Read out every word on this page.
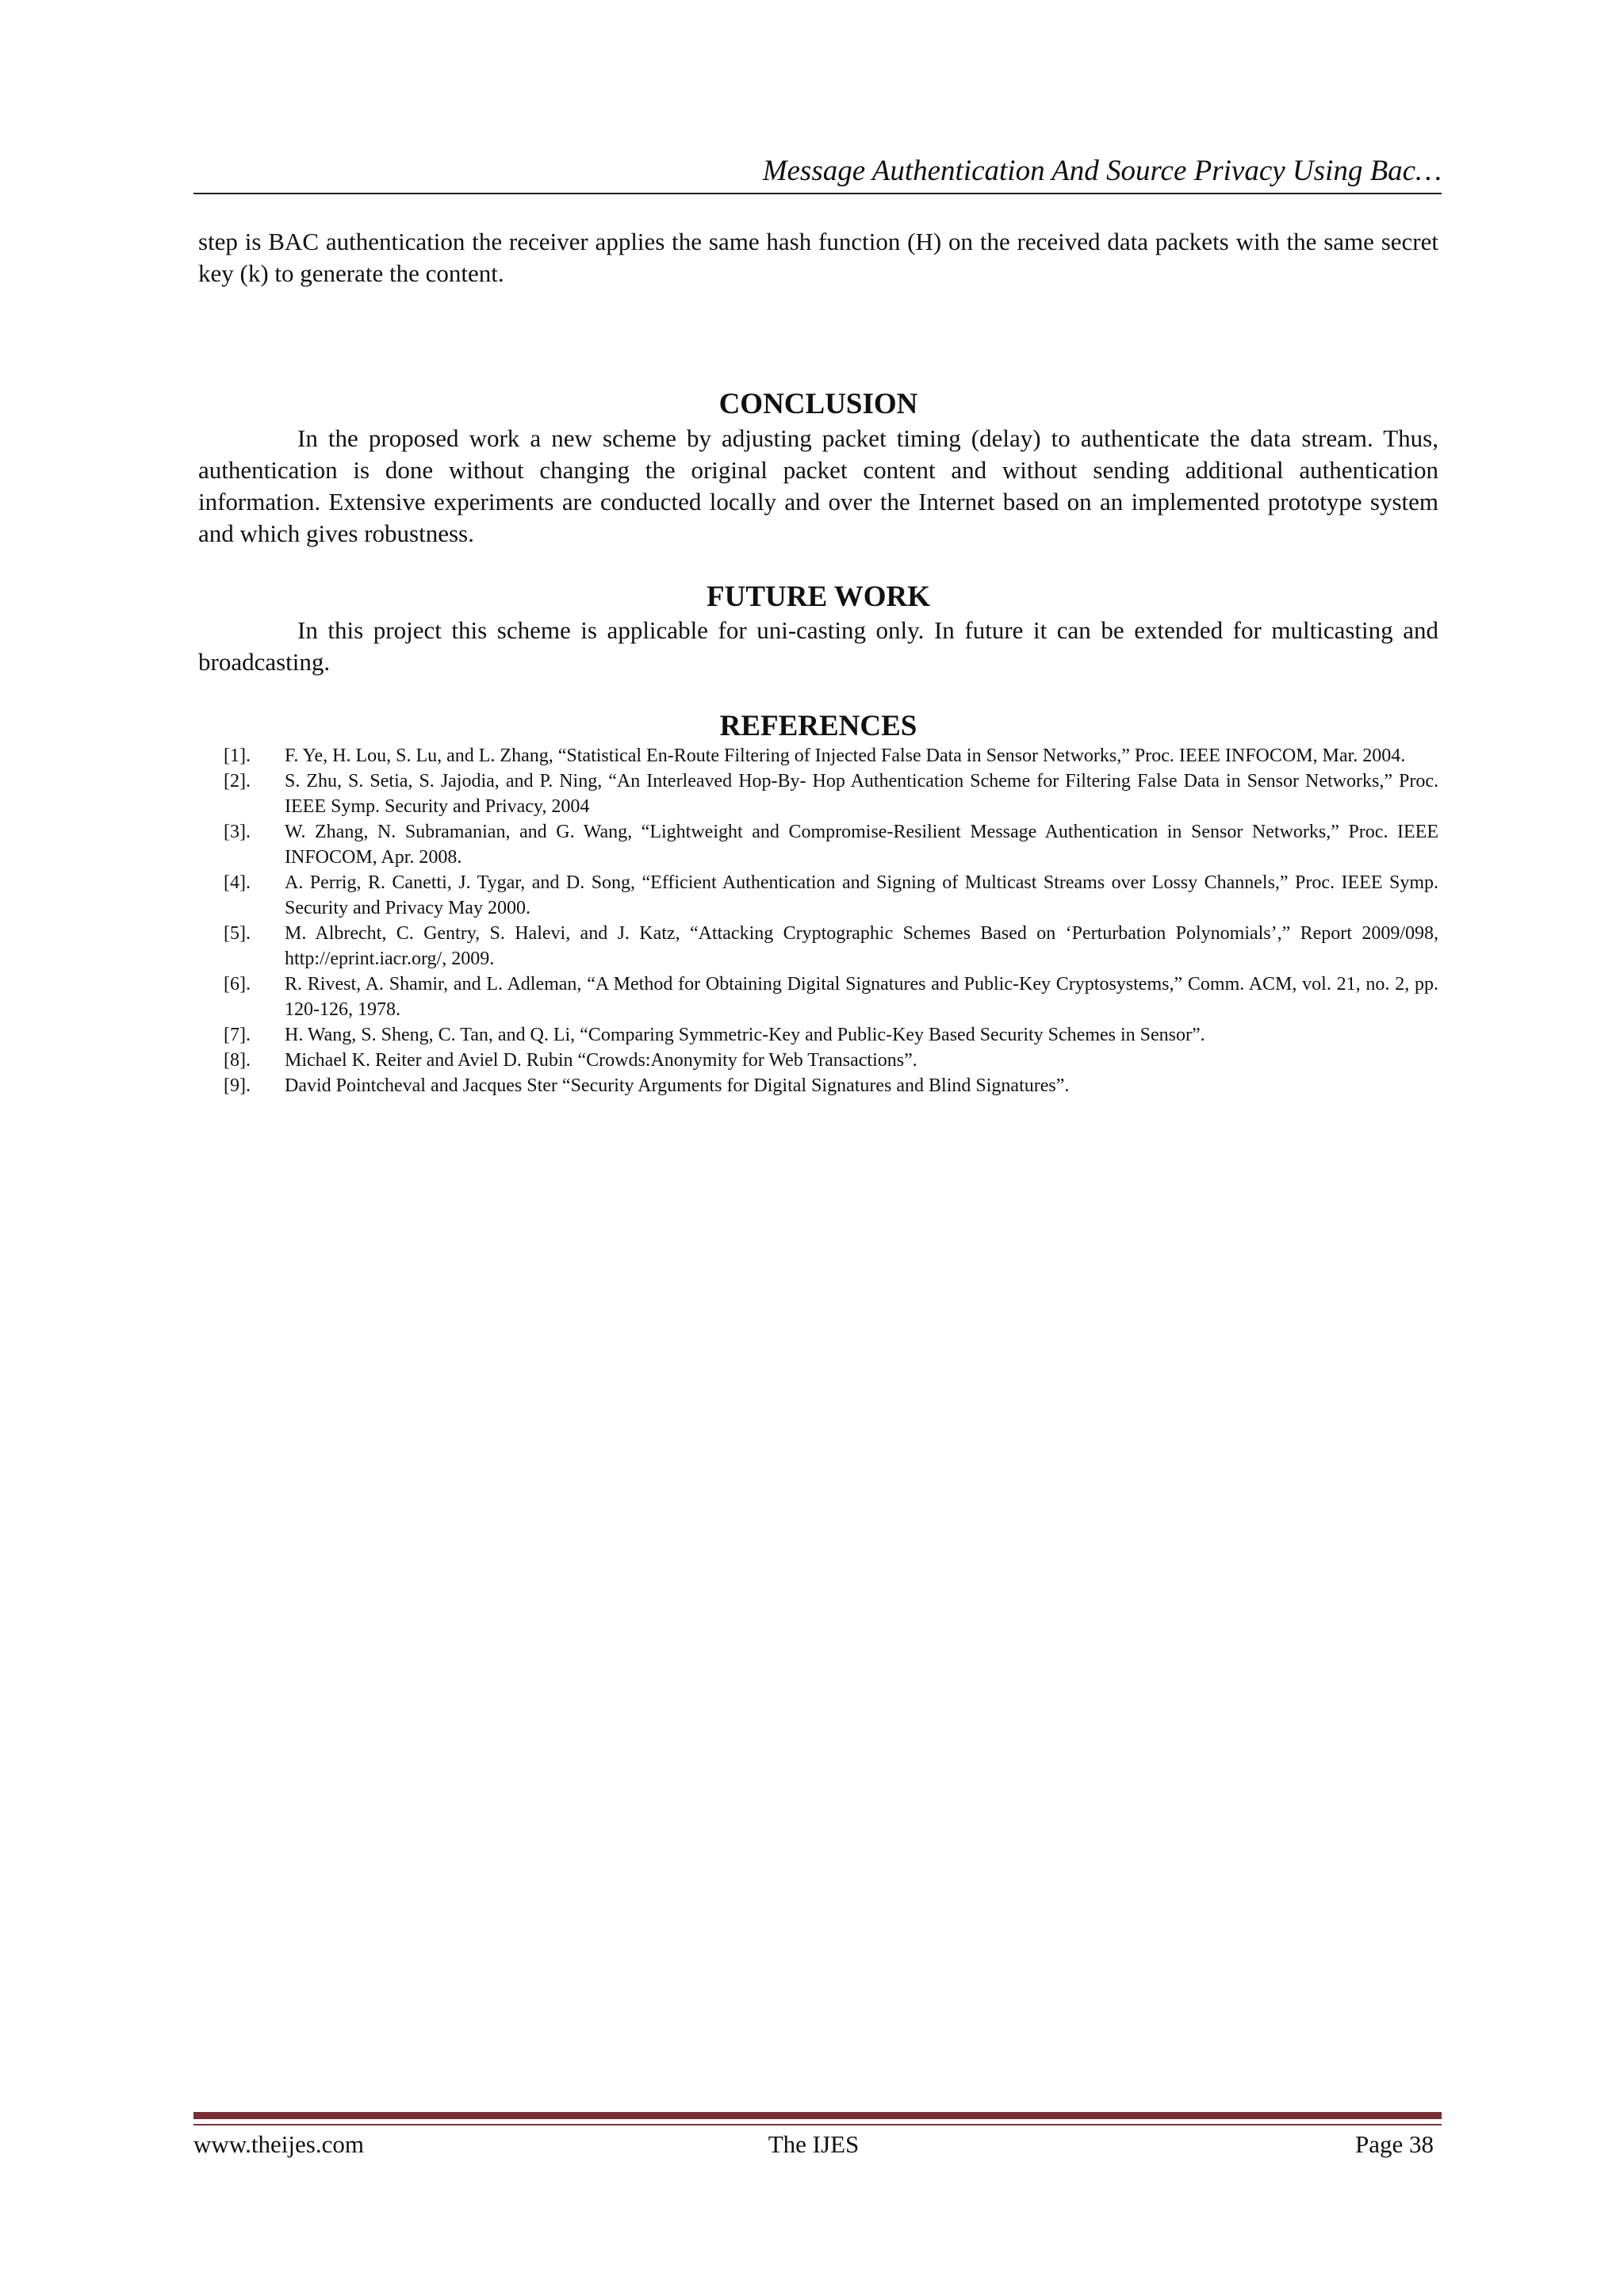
Message Authentication And Source Privacy Using Bac…

step is BAC authentication the receiver applies the same hash function (H) on the received data packets with the same secret key (k) to generate the content.

CONCLUSION

In the proposed work a new scheme by adjusting packet timing (delay) to authenticate the data stream. Thus, authentication is done without changing the original packet content and without sending additional authentication information. Extensive experiments are conducted locally and over the Internet based on an implemented prototype system and which gives robustness.

FUTURE WORK

In this project this scheme is applicable for uni-casting only. In future it can be extended for multicasting and broadcasting.

REFERENCES
[1].	F. Ye, H. Lou, S. Lu, and L. Zhang, “Statistical En-Route Filtering of Injected False Data in Sensor Networks,” Proc. IEEE INFOCOM, Mar. 2004.
[2].	S. Zhu, S. Setia, S. Jajodia, and P. Ning, “An Interleaved Hop-By- Hop Authentication Scheme for Filtering False Data in Sensor Networks,” Proc. IEEE Symp. Security and Privacy, 2004
[3].	W. Zhang, N. Subramanian, and G. Wang, “Lightweight and Compromise-Resilient Message Authentication in Sensor Networks,” Proc. IEEE INFOCOM, Apr. 2008.
[4].	A. Perrig, R. Canetti, J. Tygar, and D. Song, “Efficient Authentication and Signing of Multicast Streams over Lossy Channels,” Proc. IEEE Symp. Security and Privacy May 2000.
[5].	M. Albrecht, C. Gentry, S. Halevi, and J. Katz, “Attacking Cryptographic Schemes Based on ‘Perturbation Polynomials’,” Report 2009/098, http://eprint.iacr.org/, 2009.
[6].	R. Rivest, A. Shamir, and L. Adleman, “A Method for Obtaining Digital Signatures and Public-Key Cryptosystems,” Comm. ACM, vol. 21, no. 2, pp. 120-126, 1978.
[7].	H. Wang, S. Sheng, C. Tan, and Q. Li, “Comparing Symmetric-Key and Public-Key Based Security Schemes in Sensor”.
[8].	Michael K. Reiter and Aviel D. Rubin “Crowds:Anonymity for Web Transactions”.
[9].	David Pointcheval and Jacques Ster “Security Arguments for Digital Signatures and Blind Signatures”.
www.theijes.com	The IJES	Page 38
